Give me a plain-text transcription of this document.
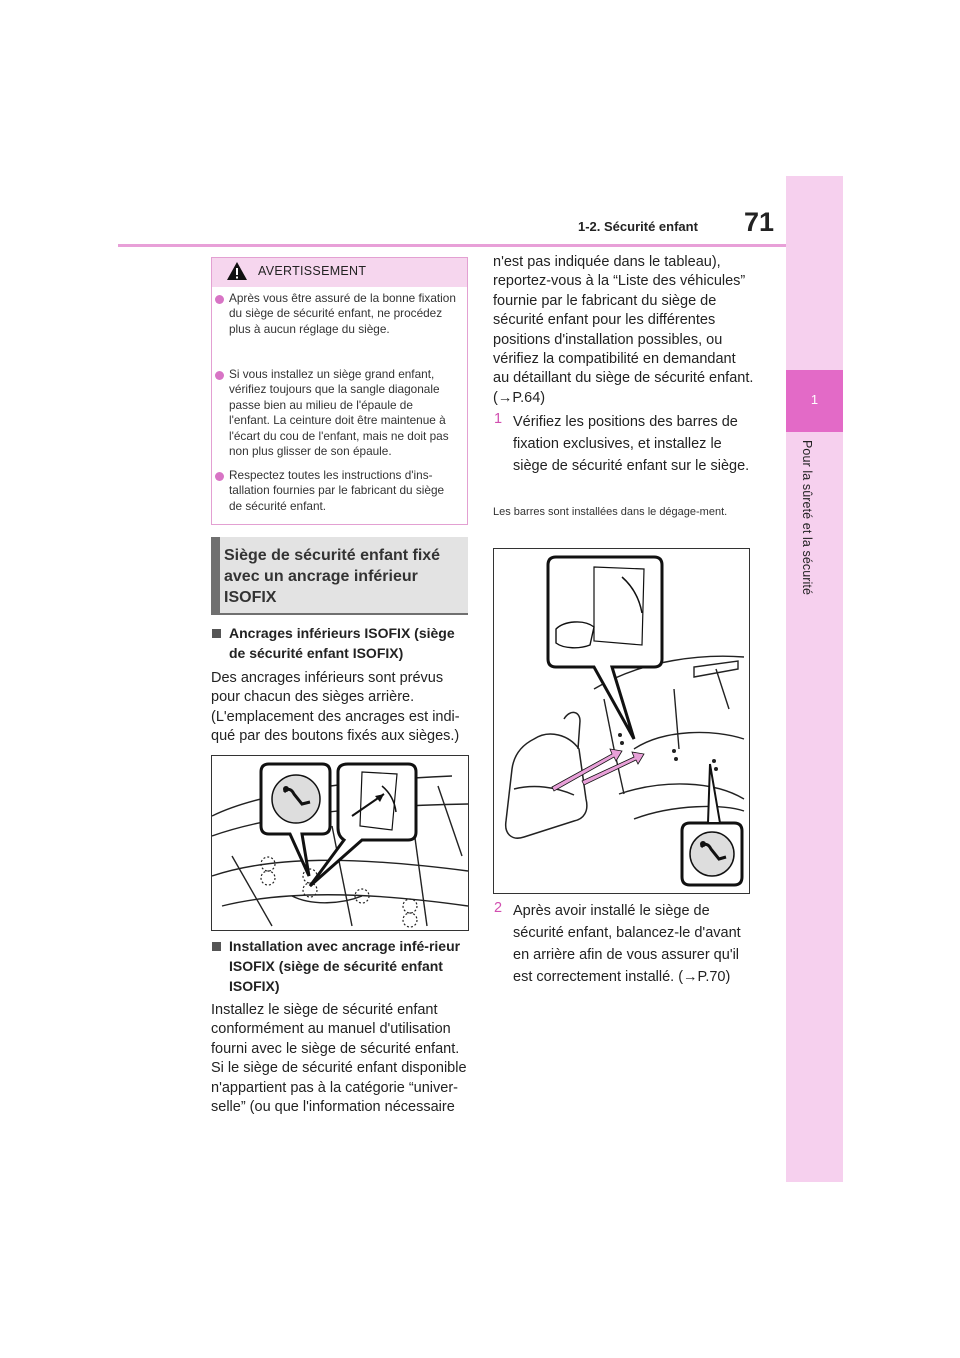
1-2. Sécurité enfant 71
1
Pour la sûreté et la sécurité
AVERTISSEMENT
Après vous être assuré de la bonne fixation du siège de sécurité enfant, ne procédez plus à aucun réglage du siège.
Si vous installez un siège grand enfant, vérifiez toujours que la sangle diagonale passe bien au milieu de l'épaule de l'enfant. La ceinture doit être maintenue à l'écart du cou de l'enfant, mais ne doit pas non plus glisser de son épaule.
Respectez toutes les instructions d'ins-tallation fournies par le fabricant du siège de sécurité enfant.
Siège de sécurité enfant fixé avec un ancrage inférieur ISOFIX
Ancrages inférieurs ISOFIX (siège de sécurité enfant ISOFIX)
Des ancrages inférieurs sont prévus pour chacun des sièges arrière. (L'emplacement des ancrages est indi-qué par des boutons fixés aux sièges.)
Installation avec ancrage infé-rieur ISOFIX (siège de sécurité enfant ISOFIX)
Installez le siège de sécurité enfant conformément au manuel d'utilisation fourni avec le siège de sécurité enfant. Si le siège de sécurité enfant disponible n'appartient pas à la catégorie “univer-selle” (ou que l'information nécessaire
n'est pas indiquée dans le tableau), reportez-vous à la “Liste des véhicules” fournie par le fabricant du siège de sécurité enfant pour les différentes positions d'installation possibles, ou vérifiez la compatibilité en demandant au détaillant du siège de sécurité enfant. (→P.64)
1 Vérifiez les positions des barres de fixation exclusives, et installez le siège de sécurité enfant sur le siège.
Les barres sont installées dans le dégage-ment.
2 Après avoir installé le siège de sécurité enfant, balancez-le d'avant en arrière afin de vous assurer qu'il est correctement installé. (→P.70)
